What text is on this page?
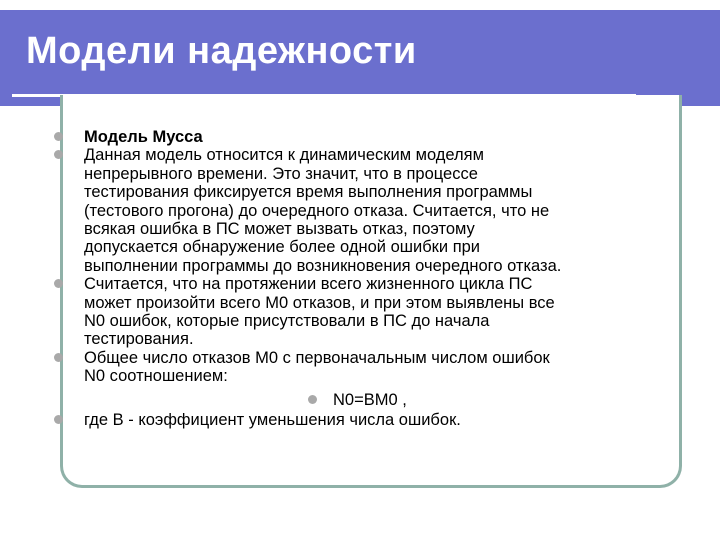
Модели надежности
Модель Мусса
Данная модель относится к динамическим моделям
непрерывного времени. Это значит, что в процессе
тестирования фиксируется время выполнения программы
(тестового прогона) до очередного отказа. Считается, что не
всякая ошибка в ПС может вызвать отказ, поэтому
допускается обнаружение более одной ошибки при
выполнении программы до возникновения очередного отказа.
Считается, что на протяжении всего жизненного цикла ПС
может произойти всего М0 отказов, и при этом выявлены все
N0 ошибок, которые присутствовали в ПС до начала
тестирования.
Общее число отказов М0 с первоначальным числом ошибок
N0 соотношением:
N0=ВМ0 ,
где В - коэффициент уменьшения числа ошибок.
